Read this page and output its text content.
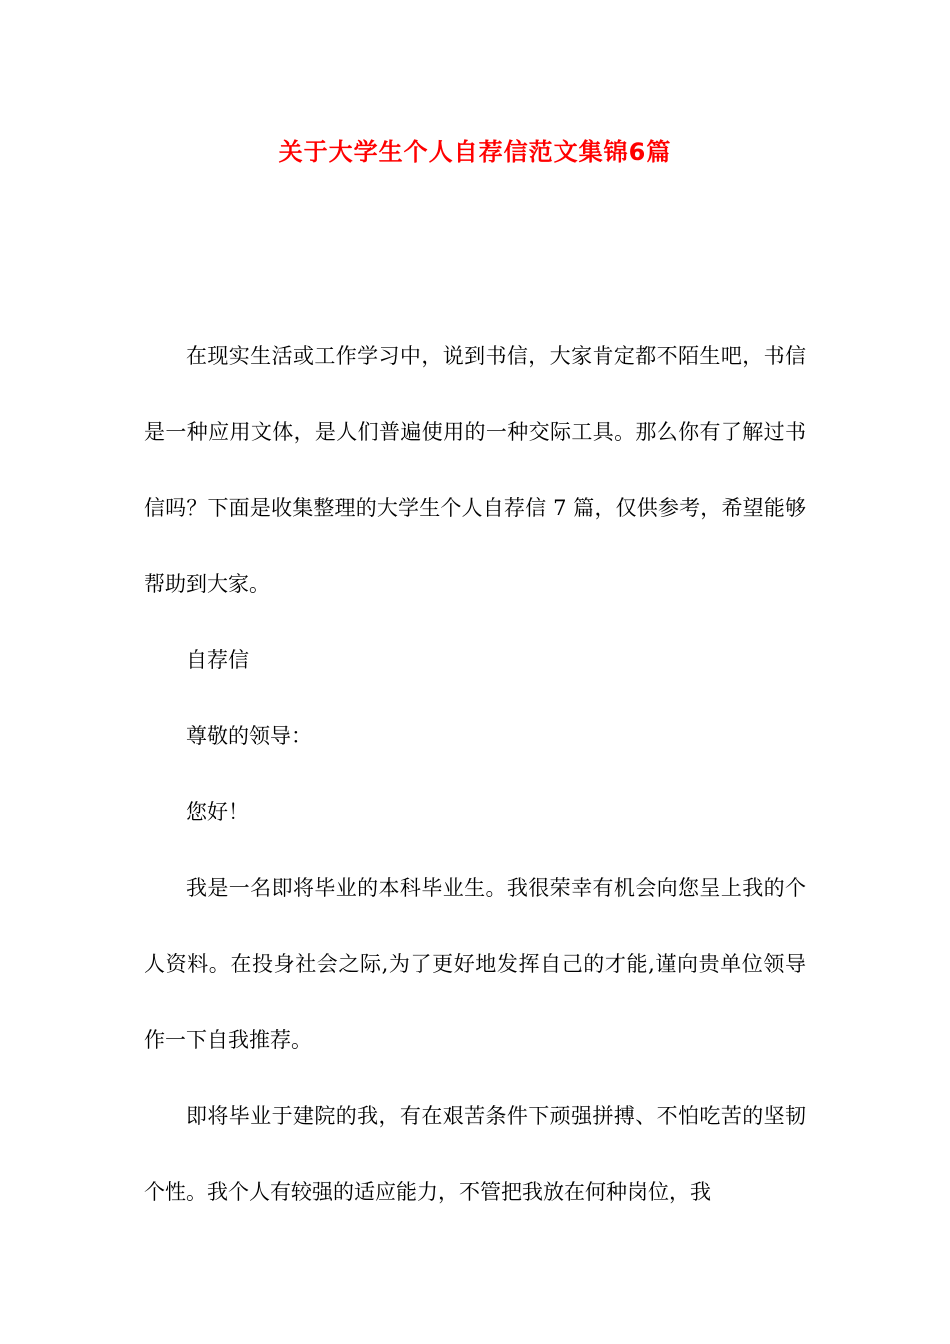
关于大学生个人自荐信范文集锦6篇

在现实生活或工作学习中，说到书信，大家肯定都不陌生吧，书信是一种应用文体，是人们普遍使用的一种交际工具。那么你有了解过书信吗？下面是收集整理的大学生个人自荐信 7 篇，仅供参考，希望能够帮助到大家。

自荐信

尊敬的领导：

您好！

我是一名即将毕业的本科毕业生。我很荣幸有机会向您呈上我的个人资料。在投身社会之际,为了更好地发挥自己的才能,谨向贵单位领导作一下自我推荐。

即将毕业于建院的我，有在艰苦条件下顽强拼搏、不怕吃苦的坚韧个性。我个人有较强的适应能力，不管把我放在何种岗位，我
